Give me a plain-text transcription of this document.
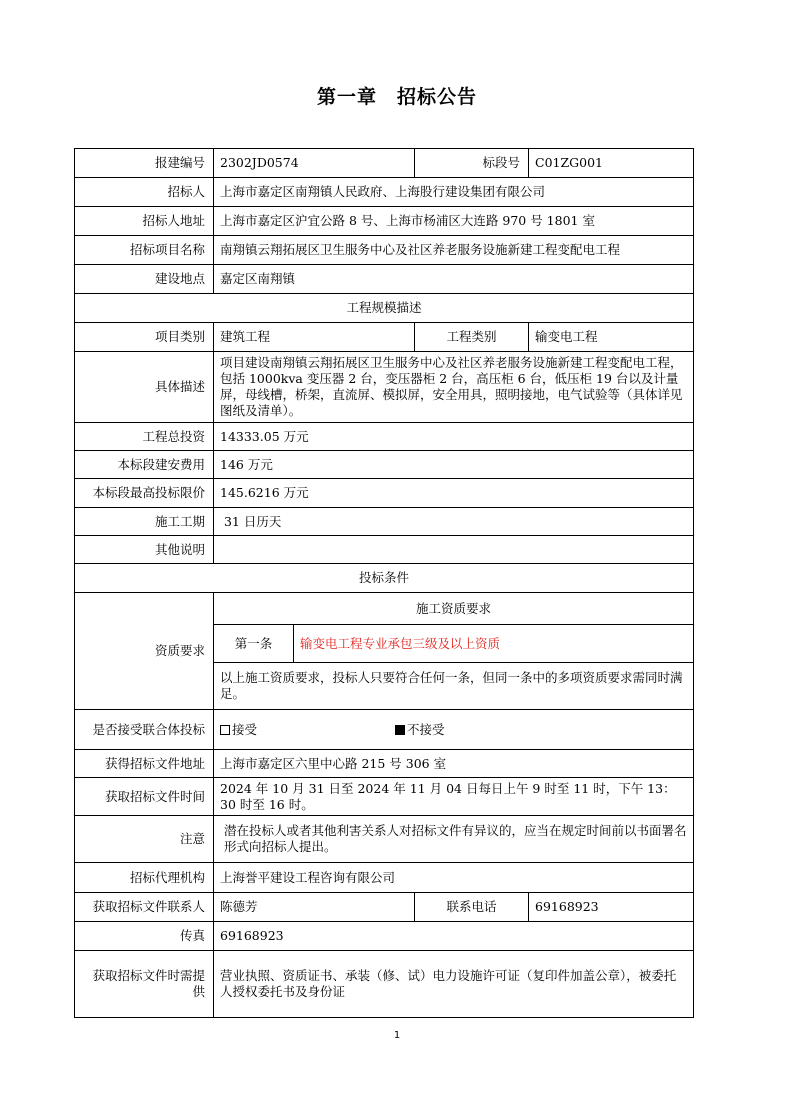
第一章 招标公告
报建编号	2302JD0574		标段号	C01ZG001
招标人	上海市嘉定区南翔镇人民政府、上海股行建设集团有限公司			
招标人地址	上海市嘉定区沪宜公路 8 号、上海市杨浦区大连路 970 号 1801 室			
招标项目名称	南翔镇云翔拓展区卫生服务中心及社区养老服务设施新建工程变配电工程			
建设地点	嘉定区南翔镇			
工程规模描述				
项目类别	建筑工程		工程类别	输变电工程
具体描述	项目建设南翔镇云翔拓展区卫生服务中心及社区养老服务设施新建工程变配电工程，包括 1000kva 变压器 2 台，变压器柜 2 台，高压柜 6 台，低压柜 19 台以及计量屏，母线槽，桥架，直流屏、模拟屏，安全用具，照明接地，电气试验等（具体详见图纸及清单）。			
工程总投资	14333.05 万元			
本标段建安费用	146 万元			
本标段最高投标限价	145.6216 万元			
施工工期	31 日历天			
其他说明				
投标条件				
资质要求	施工资质要求			
	第一条	输变电工程专业承包三级及以上资质		
	以上施工资质要求，投标人只要符合任何一条，但同一条中的多项资质要求需同时满足。			
是否接受联合体投标	接受 不接受			

获得招标文件地址	上海市嘉定区六里中心路 215 号 306 室			
获取招标文件时间	2024 年 10 月 31 日至 2024 年 11 月 04 日每日上午 9 时至 11 时，下午 13：30 时至 16 时。			
注意	潜在投标人或者其他利害关系人对招标文件有异议的，应当在规定时间前以书面署名形式向招标人提出。			
招标代理机构	上海誉平建设工程咨询有限公司			
获取招标文件联系人	陈德芳		联系电话	69168923
传真	69168923			
获取招标文件时需提供	营业执照、资质证书、承装（修、试）电力设施许可证（复印件加盖公章），被委托人授权委托书及身份证			
1
